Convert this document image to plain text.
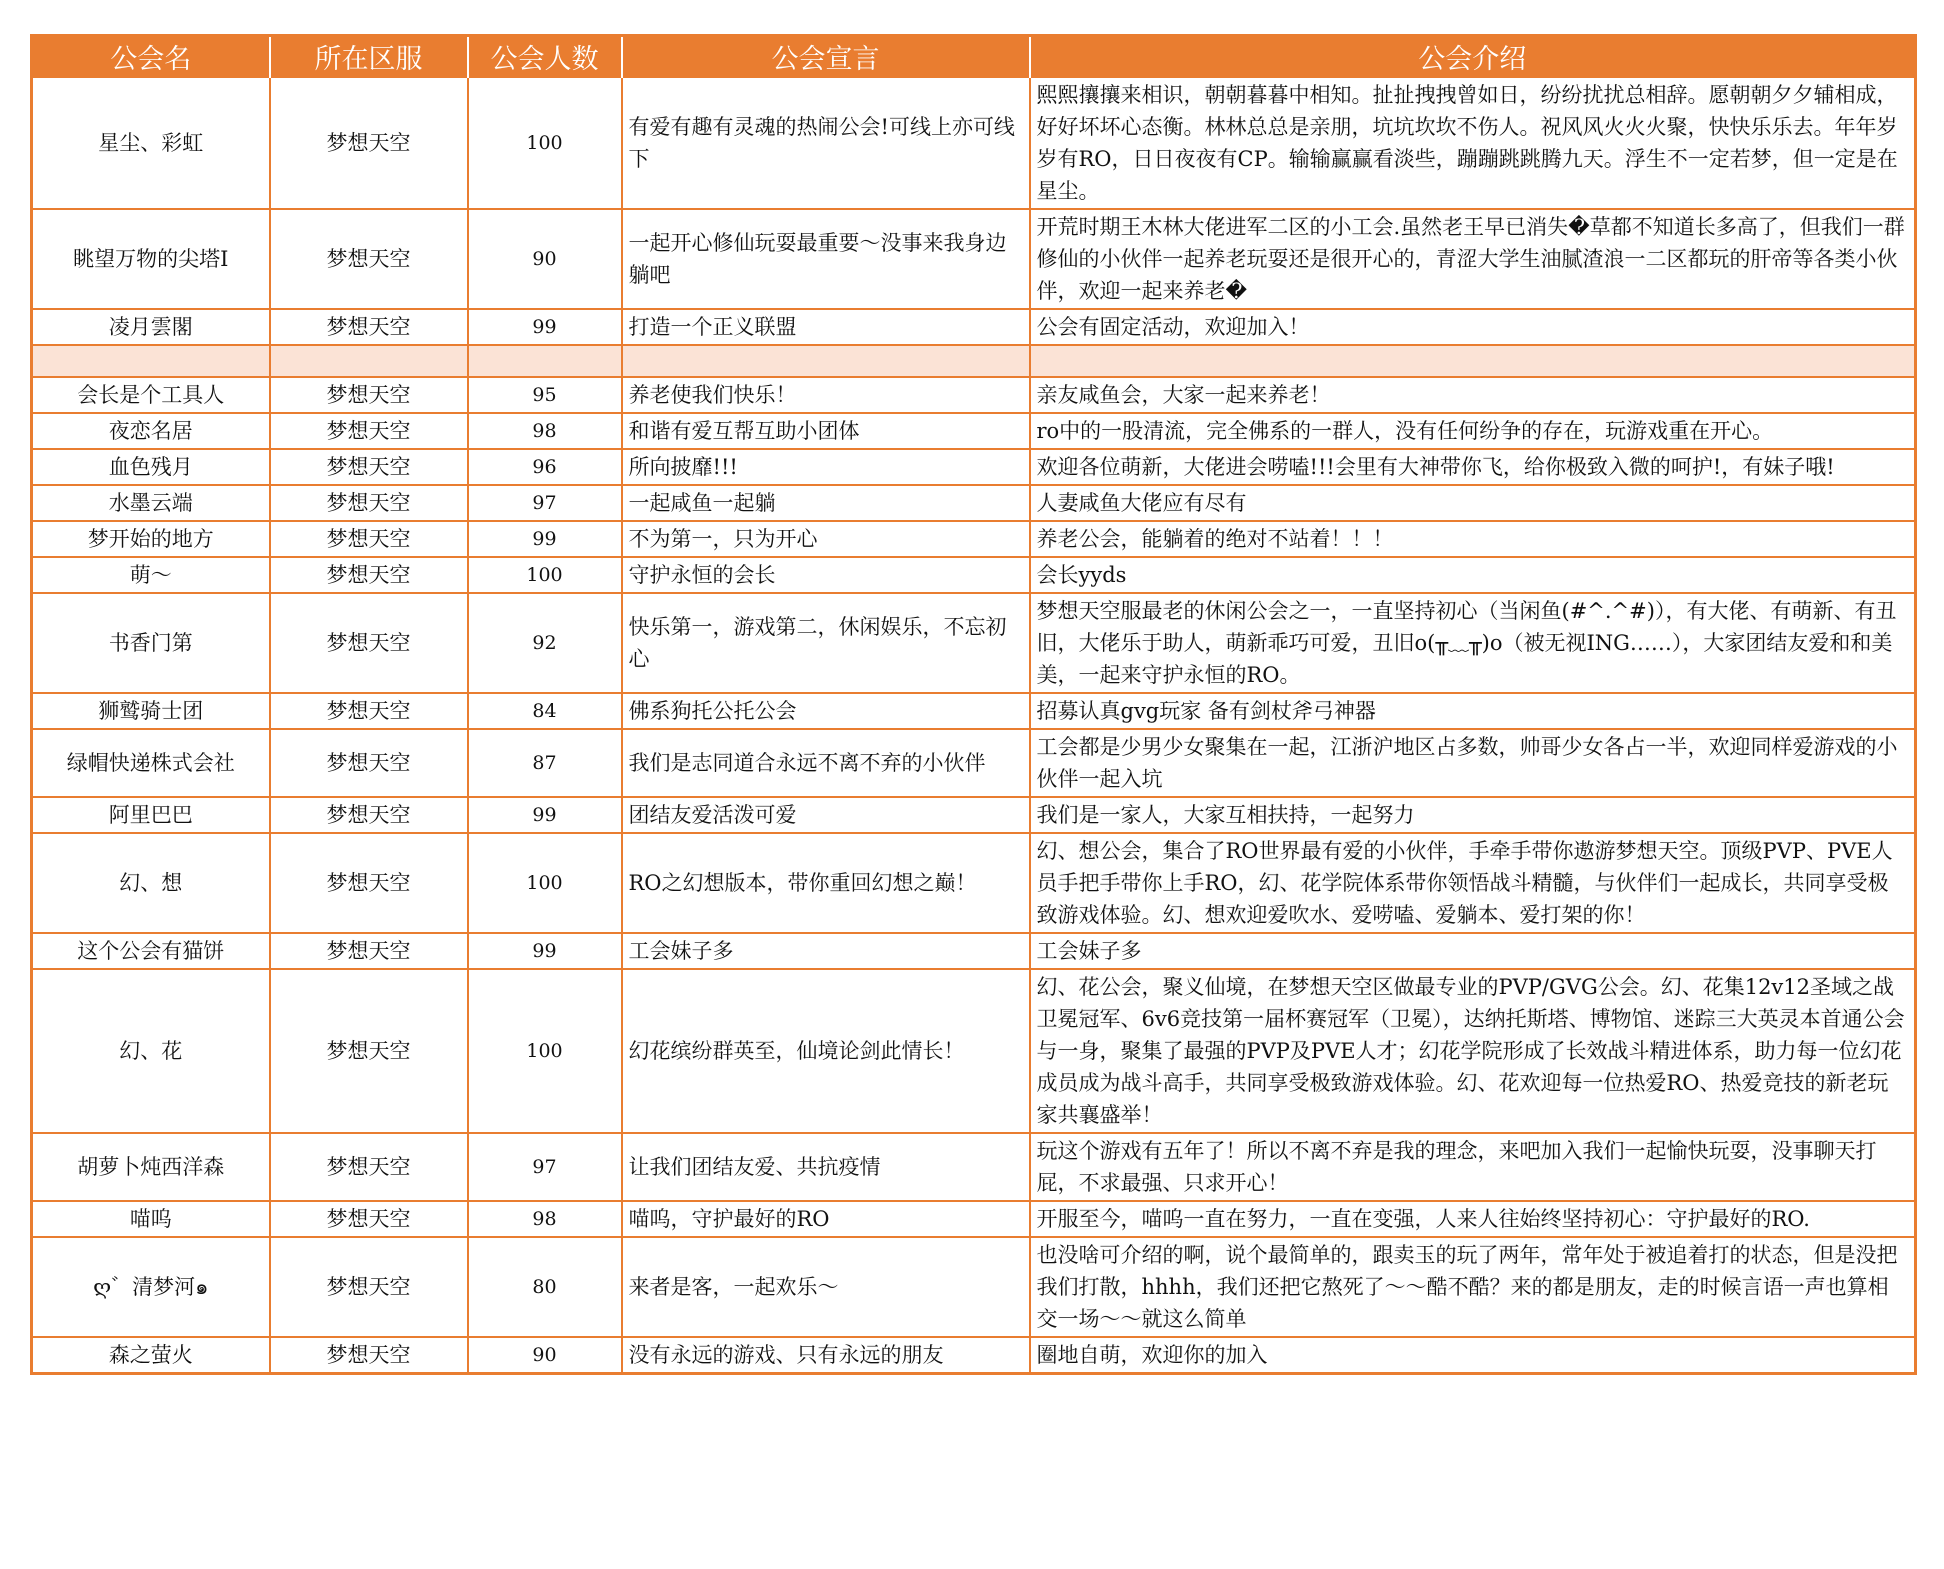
公会名	所在区服	公会人数	公会宣言	公会介绍
星尘、彩虹	梦想天空	100	有爱有趣有灵魂的热闹公会!可线上亦可线下	熙熙攘攘来相识，朝朝暮暮中相知。扯扯拽拽曾如日，纷纷扰扰总相辞。愿朝朝夕夕辅相成，好好坏坏心态衡。林林总总是亲朋，坑坑坎坎不伤人。祝风风火火火聚，快快乐乐去。年年岁岁有RO，日日夜夜有CP。输输赢赢看淡些，蹦蹦跳跳腾九天。浮生不一定若梦，但一定是在星尘。
眺望万物的尖塔I	梦想天空	90	一起开心修仙玩耍最重要～没事来我身边躺吧	开荒时期王木林大佬进军二区的小工会.虽然老王早已消失�草都不知道长多高了，但我们一群修仙的小伙伴一起养老玩耍还是很开心的，青涩大学生油腻渣浪一二区都玩的肝帝等各类小伙伴，欢迎一起来养老�
凌月雲閣	梦想天空	99	打造一个正义联盟	公会有固定活动，欢迎加入！

会长是个工具人	梦想天空	95	养老使我们快乐！	亲友咸鱼会，大家一起来养老！
夜恋名居	梦想天空	98	和谐有爱互帮互助小团体	ro中的一股清流，完全佛系的一群人，没有任何纷争的存在，玩游戏重在开心。
血色残月	梦想天空	96	所向披靡!!!	欢迎各位萌新，大佬进会唠嗑!!!会里有大神带你飞，给你极致入微的呵护!，有妹子哦!
水墨云端	梦想天空	97	一起咸鱼一起躺	人妻咸鱼大佬应有尽有
梦开始的地方	梦想天空	99	不为第一，只为开心	养老公会，能躺着的绝对不站着！！！
萌～	梦想天空	100	守护永恒的会长	会长yyds
书香门第	梦想天空	92	快乐第一，游戏第二，休闲娱乐，不忘初心	梦想天空服最老的休闲公会之一，一直坚持初心（当闲鱼(#^.^#)），有大佬、有萌新、有丑旧，大佬乐于助人，萌新乖巧可爱，丑旧o(╥﹏╥)o（被无视ING……），大家团结友爱和和美美，一起来守护永恒的RO。
狮鹫骑士团	梦想天空	84	佛系狗托公托公会	招募认真gvg玩家 备有剑杖斧弓神器
绿帽快递株式会社	梦想天空	87	我们是志同道合永远不离不弃的小伙伴	工会都是少男少女聚集在一起，江浙沪地区占多数，帅哥少女各占一半，欢迎同样爱游戏的小伙伴一起入坑
阿里巴巴	梦想天空	99	团结友爱活泼可爱	我们是一家人，大家互相扶持，一起努力
幻、想	梦想天空	100	RO之幻想版本，带你重回幻想之巅！	幻、想公会，集合了RO世界最有爱的小伙伴，手牵手带你遨游梦想天空。顶级PVP、PVE人员手把手带你上手RO，幻、花学院体系带你领悟战斗精髓，与伙伴们一起成长，共同享受极致游戏体验。幻、想欢迎爱吹水、爱唠嗑、爱躺本、爱打架的你！
这个公会有猫饼	梦想天空	99	工会妹子多	工会妹子多
幻、花	梦想天空	100	幻花缤纷群英至，仙境论剑此情长！	幻、花公会，聚义仙境，在梦想天空区做最专业的PVP/GVG公会。幻、花集12v12圣域之战卫冕冠军、6v6竞技第一届杯赛冠军（卫冕），达纳托斯塔、博物馆、迷踪三大英灵本首通公会与一身，聚集了最强的PVP及PVE人才；幻花学院形成了长效战斗精进体系，助力每一位幻花成员成为战斗高手，共同享受极致游戏体验。幻、花欢迎每一位热爱RO、热爱竞技的新老玩家共襄盛举！
胡萝卜炖西洋森	梦想天空	97	让我们团结友爱、共抗疫情	玩这个游戏有五年了！所以不离不弃是我的理念，来吧加入我们一起愉快玩耍，没事聊天打屁，不求最强、只求开心！
喵呜	梦想天空	98	喵呜，守护最好的RO	开服至今，喵呜一直在努力，一直在变强，人来人往始终坚持初心：守护最好的RO.
ღ゛清梦河๑	梦想天空	80	来者是客，一起欢乐～	也没啥可介绍的啊，说个最简单的，跟卖玉的玩了两年，常年处于被追着打的状态，但是没把我们打散，hhhh，我们还把它熬死了～～酷不酷？来的都是朋友，走的时候言语一声也算相交一场～～就这么简单
森之萤火	梦想天空	90	没有永远的游戏、只有永远的朋友	圈地自萌，欢迎你的加入
